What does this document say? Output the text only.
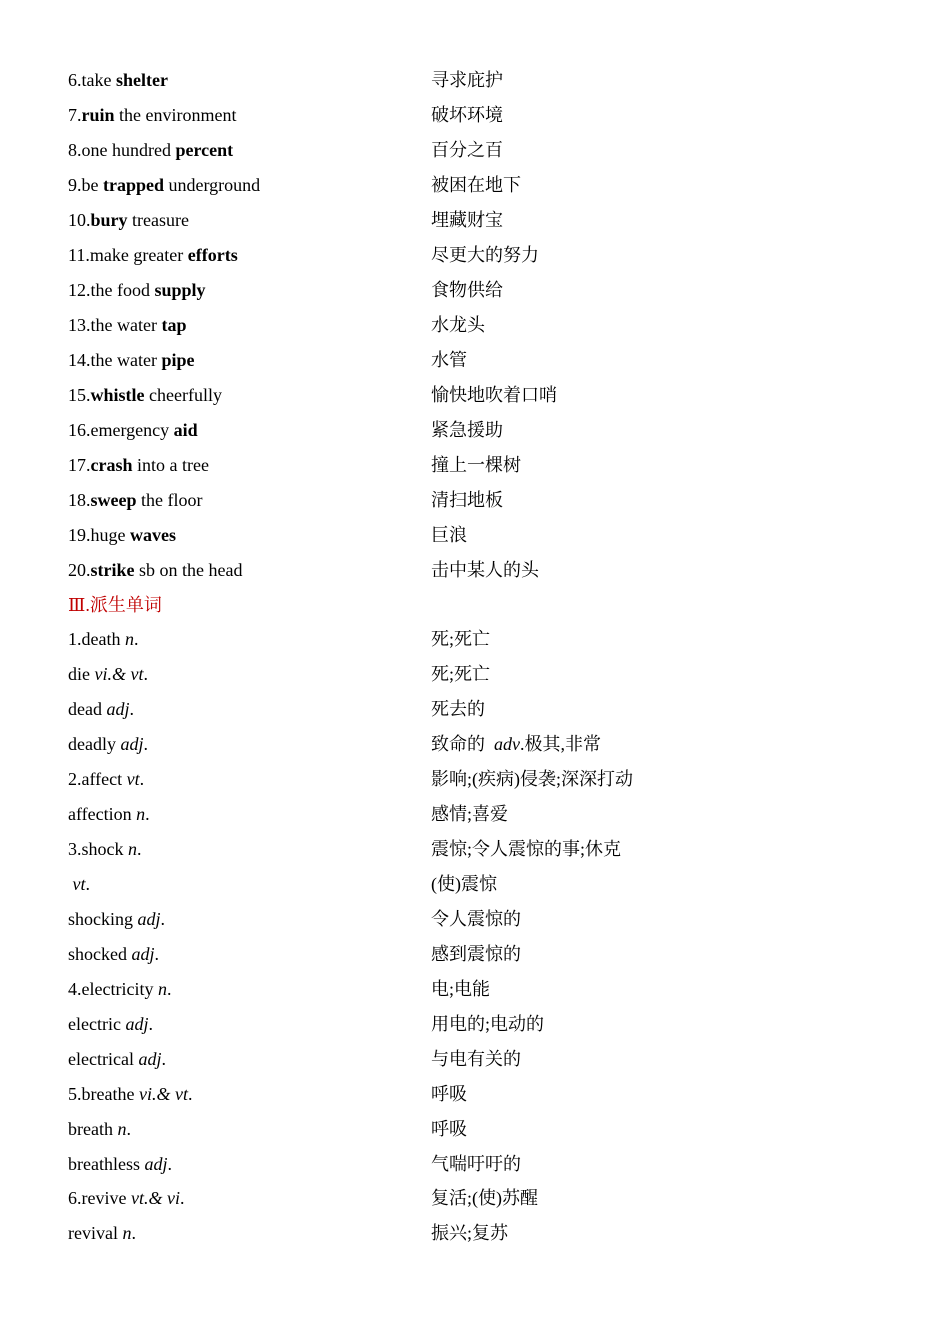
6.take shelter	寻求庇护
7.ruin the environment	破坏环境
8.one hundred percent	百分之百
9.be trapped underground	被困在地下
10.bury treasure	埋藏财宝
11.make greater efforts	尽更大的努力
12.the food supply	食物供给
13.the water tap	水龙头
14.the water pipe	水管
15.whistle cheerfully	愉快地吹着口哨
16.emergency aid	紧急援助
17.crash into a tree	撞上一棵树
18.sweep the floor	清扫地板
19.huge waves	巨浪
20.strike sb on the head	击中某人的头
Ⅲ.派生单词
1.death n.	死;死亡
die vi.& vt.	死;死亡
dead adj.	死去的
deadly adj.	致命的  adv.极其,非常
2.affect vt.	影响;(疾病)侵袭;深深打动
affection n.	感情;喜爱
3.shock n.	震惊;令人震惊的事;休克
vt.	(使)震惊
shocking adj.	令人震惊的
shocked adj.	感到震惊的
4.electricity n.	电;电能
electric adj.	用电的;电动的
electrical adj.	与电有关的
5.breathe vi.& vt.	呼吸
breath n.	呼吸
breathless adj.	气喘吁吁的
6.revive vt.& vi.	复活;(使)苏醒
revival n.	振兴;复苏
